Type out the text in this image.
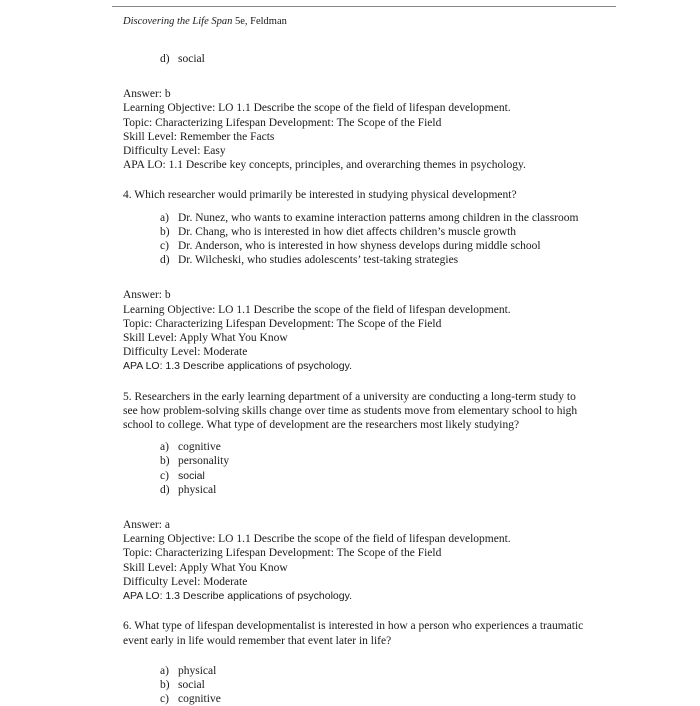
Discovering the Life Span 5e, Feldman
d) social
Answer: b
Learning Objective: LO 1.1 Describe the scope of the field of lifespan development.
Topic: Characterizing Lifespan Development: The Scope of the Field
Skill Level: Remember the Facts
Difficulty Level: Easy
APA LO: 1.1 Describe key concepts, principles, and overarching themes in psychology.
4. Which researcher would primarily be interested in studying physical development?
a) Dr. Nunez, who wants to examine interaction patterns among children in the classroom
b) Dr. Chang, who is interested in how diet affects children’s muscle growth
c) Dr. Anderson, who is interested in how shyness develops during middle school
d) Dr. Wilcheski, who studies adolescents’ test-taking strategies
Answer: b
Learning Objective: LO 1.1 Describe the scope of the field of lifespan development.
Topic: Characterizing Lifespan Development: The Scope of the Field
Skill Level: Apply What You Know
Difficulty Level: Moderate
APA LO: 1.3 Describe applications of psychology.
5. Researchers in the early learning department of a university are conducting a long-term study to see how problem-solving skills change over time as students move from elementary school to high school to college. What type of development are the researchers most likely studying?
a) cognitive
b) personality
c) social
d) physical
Answer: a
Learning Objective: LO 1.1 Describe the scope of the field of lifespan development.
Topic: Characterizing Lifespan Development: The Scope of the Field
Skill Level: Apply What You Know
Difficulty Level: Moderate
APA LO: 1.3 Describe applications of psychology.
6. What type of lifespan developmentalist is interested in how a person who experiences a traumatic event early in life would remember that event later in life?
a) physical
b) social
c) cognitive
